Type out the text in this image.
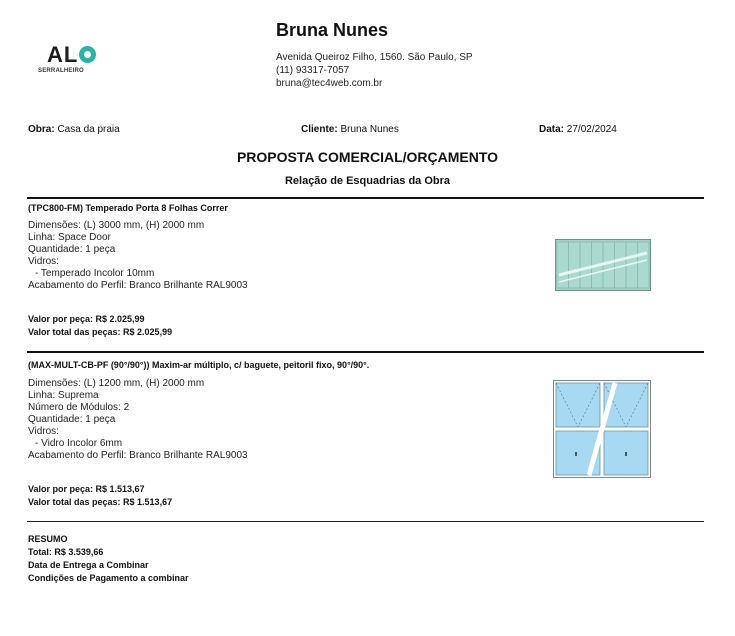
AL
SERRALHEIRO
Bruna Nunes
Avenida Queiroz Filho, 1560. São Paulo, SP
(11) 93317-7057
bruna@tec4web.com.br
Obra: Casa da praia	Cliente: Bruna Nunes	Data: 27/02/2024
PROPOSTA COMERCIAL/ORÇAMENTO
Relação de Esquadrias da Obra
(TPC800-FM) Temperado Porta 8 Folhas Correr
Dimensões: (L) 3000 mm, (H) 2000 mm
Linha: Space Door
Quantidade: 1 peça
Vidros:
- Temperado Incolor 10mm
Acabamento do Perfil: Branco Brilhante RAL9003
Valor por peça: R$ 2.025,99
Valor total das peças: R$ 2.025,99
(MAX-MULT-CB-PF (90°/90°)) Maxim-ar múltiplo, c/ baguete, peitoril fixo, 90°/90°.
Dimensões: (L) 1200 mm, (H) 2000 mm
Linha: Suprema
Número de Módulos: 2
Quantidade: 1 peça
Vidros:
- Vidro Incolor 6mm
Acabamento do Perfil: Branco Brilhante RAL9003
Valor por peça: R$ 1.513,67
Valor total das peças: R$ 1.513,67
RESUMO
Total: R$ 3.539,66
Data de Entrega a Combinar
Condições de Pagamento a combinar
